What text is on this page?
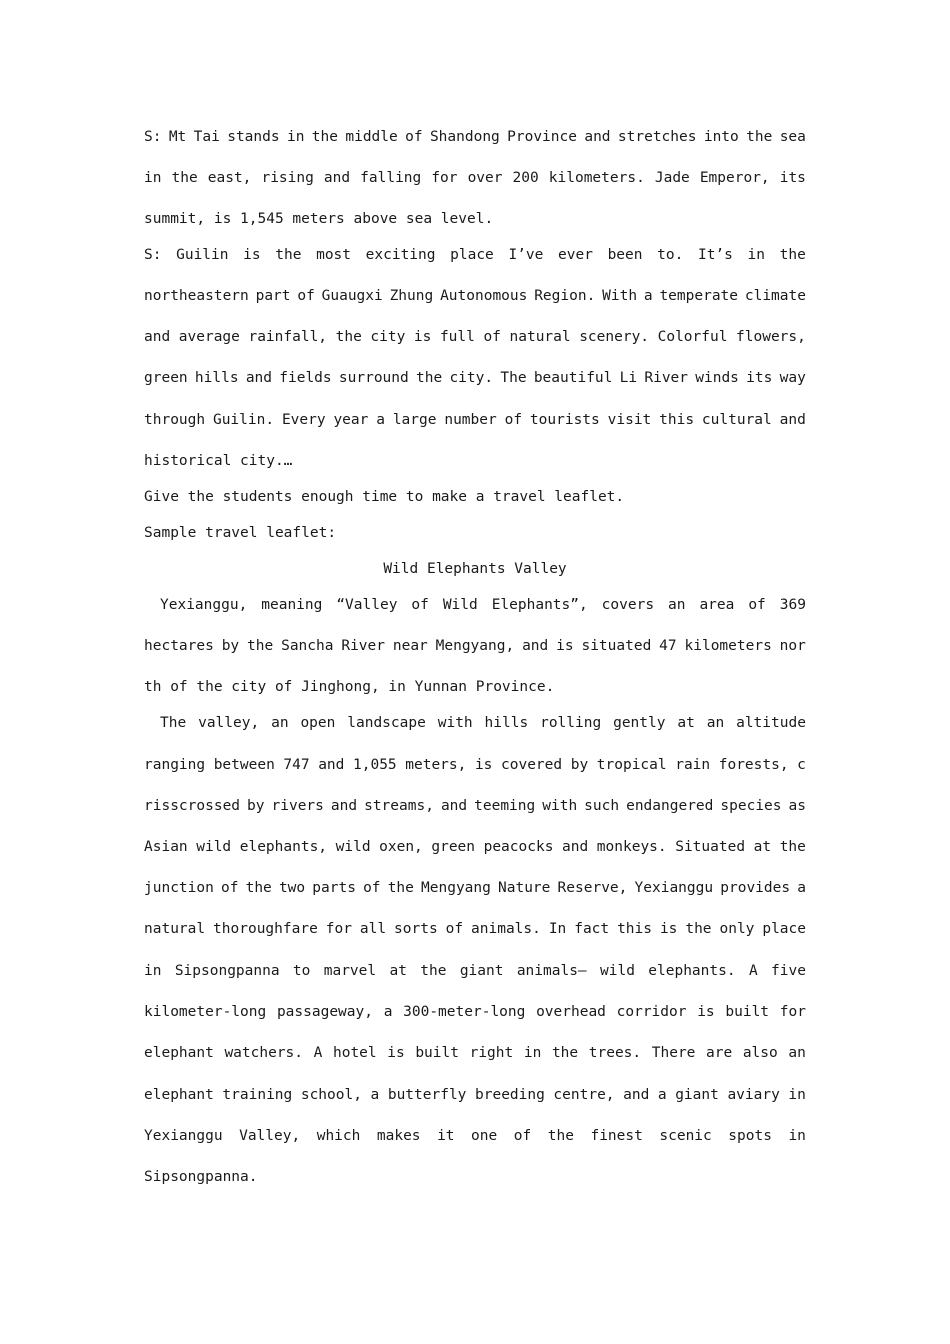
S: Mt Tai stands in the middle of Shandong Province and stretches into the sea
in the east, rising and falling for over 200 kilometers. Jade Emperor, its
summit, is 1,545 meters above sea level.
S: Guilin is the most exciting place I’ve ever been to. It’s in the
northeastern part of Guaugxi Zhung Autonomous Region. With a temperate climate
and average rainfall, the city is full of natural scenery. Colorful flowers,
green hills and fields surround the city. The beautiful Li River winds its way
through Guilin. Every year a large number of tourists visit this cultural and
historical city.…
Give the students enough time to make a travel leaflet.
Sample travel leaflet:
Wild Elephants Valley
Yexianggu, meaning “Valley of Wild Elephants”, covers an area of 369
hectares by the Sancha River near Mengyang, and is situated 47 kilometers nor
th of the city of Jinghong, in Yunnan Province.
The valley, an open landscape with hills rolling gently at an altitude
ranging between 747 and 1,055 meters, is covered by tropical rain forests, c
risscrossed by rivers and streams, and teeming with such endangered species as
Asian wild elephants, wild oxen, green peacocks and monkeys. Situated at the
junction of the two parts of the Mengyang Nature Reserve, Yexianggu provides a
natural thoroughfare for all sorts of animals. In fact this is the only place
in Sipsongpanna to marvel at the giant animals— wild elephants. A five
kilometer-long passageway, a 300-meter-long overhead corridor is built for
elephant watchers. A hotel is built right in the trees. There are also an
elephant training school, a butterfly breeding centre, and a giant aviary in
Yexianggu Valley, which makes it one of the finest scenic spots in
Sipsongpanna.
